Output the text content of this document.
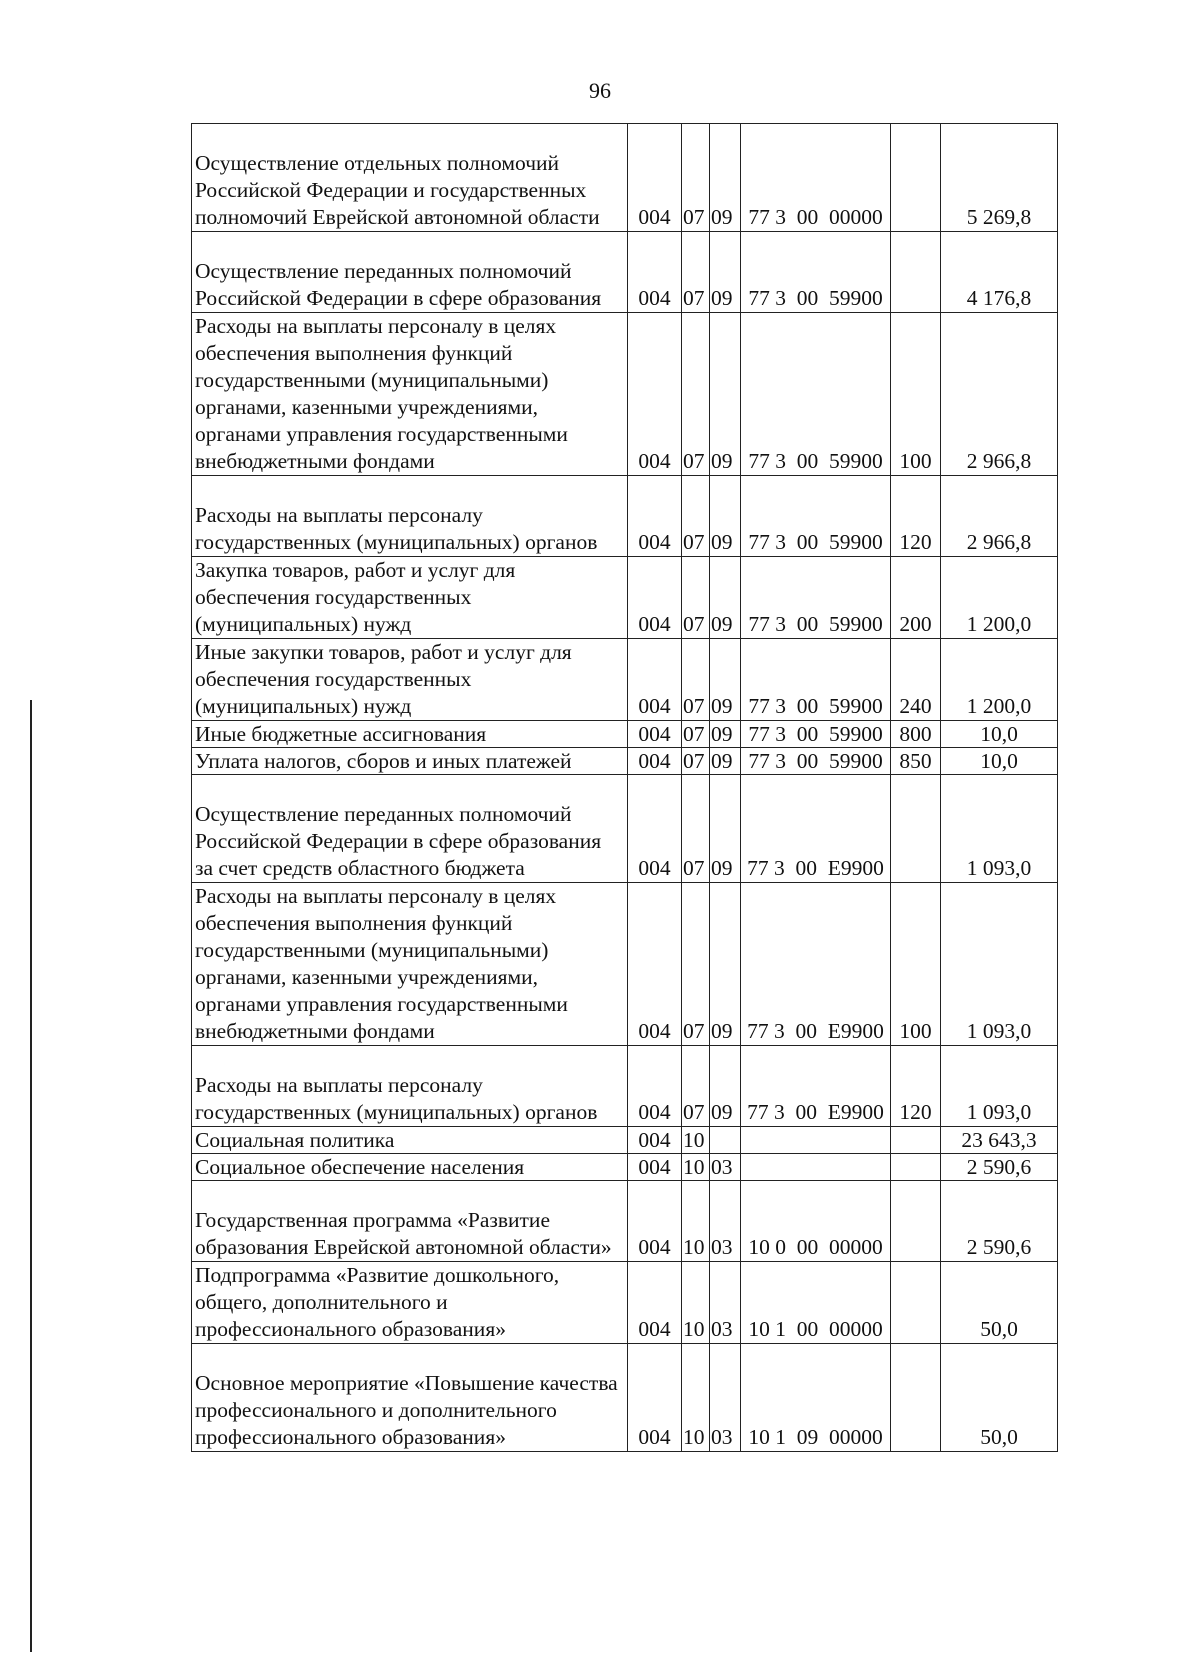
96
Осуществление отдельных полномочий Российской Федерации и государственных полномочий Еврейской автономной области	004	07	09	77 3  00  00000		5 269,8
Осуществление переданных полномочий Российской Федерации в сфере образования	004	07	09	77 3  00  59900		4 176,8
Расходы на выплаты персоналу в целях обеспечения выполнения функций государственными (муниципальными) органами, казенными учреждениями, органами управления государственными внебюджетными фондами	004	07	09	77 3  00  59900	100	2 966,8
Расходы на выплаты персоналу государственных (муниципальных) органов	004	07	09	77 3  00  59900	120	2 966,8
Закупка товаров, работ и услуг для обеспечения государственных (муниципальных) нужд	004	07	09	77 3  00  59900	200	1 200,0
Иные закупки товаров, работ и услуг для обеспечения государственных (муниципальных) нужд	004	07	09	77 3  00  59900	240	1 200,0
Иные бюджетные ассигнования	004	07	09	77 3  00  59900	800	10,0
Уплата налогов, сборов и иных платежей	004	07	09	77 3  00  59900	850	10,0
Осуществление переданных полномочий Российской Федерации в сфере образования за счет средств областного бюджета	004	07	09	77 3  00  Е9900		1 093,0
Расходы на выплаты персоналу в целях обеспечения выполнения функций государственными (муниципальными) органами, казенными учреждениями, органами управления государственными внебюджетными фондами	004	07	09	77 3  00  Е9900	100	1 093,0
Расходы на выплаты персоналу государственных (муниципальных) органов	004	07	09	77 3  00  Е9900	120	1 093,0
Социальная политика	004	10				23 643,3
Социальное обеспечение населения	004	10	03			2 590,6
Государственная программа «Развитие образования Еврейской автономной области»	004	10	03	10 0  00  00000		2 590,6
Подпрограмма «Развитие дошкольного, общего, дополнительного и профессионального образования»	004	10	03	10 1  00  00000		50,0
Основное мероприятие «Повышение качества профессионального и дополнительного профессионального образования»	004	10	03	10 1  09  00000		50,0
